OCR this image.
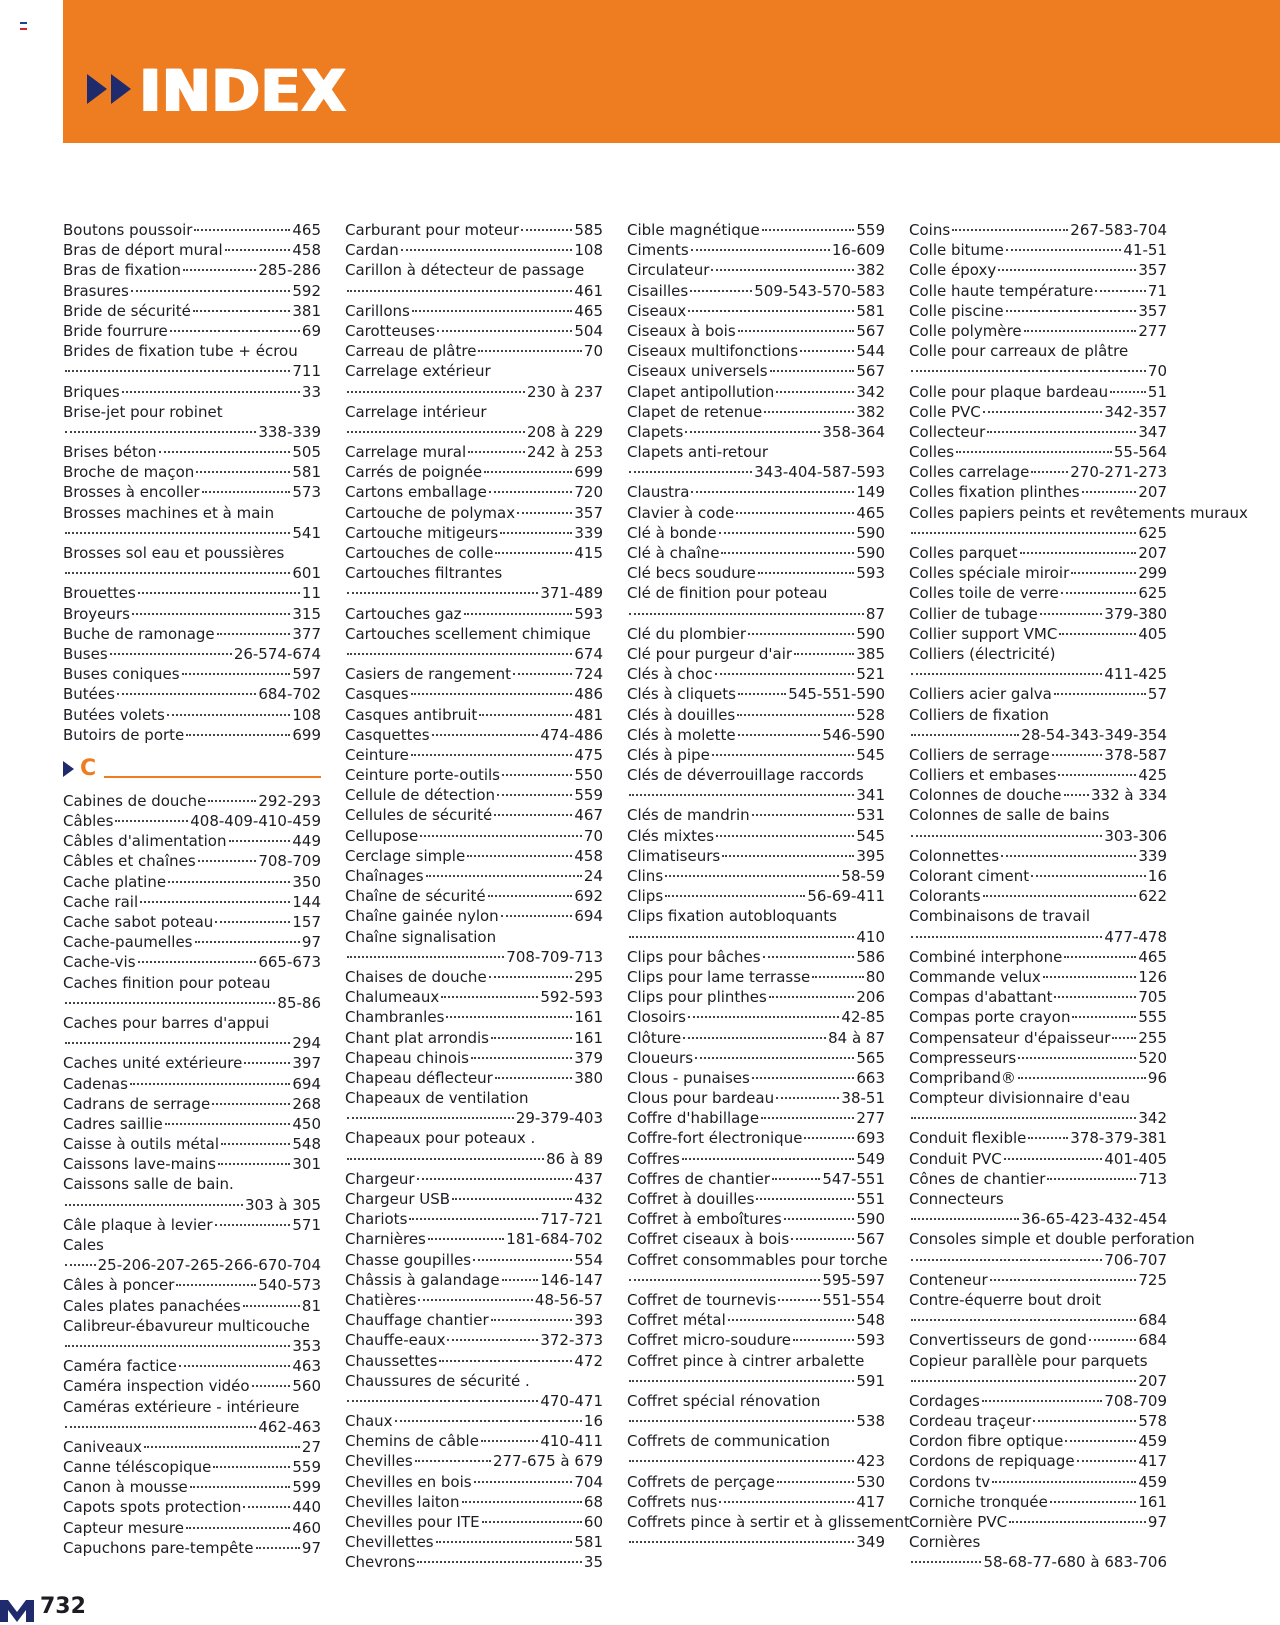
INDEX
Boutons poussoir	465
Bras de déport mural	458
Bras de fixation	285-286
Brasures	592
Bride de sécurité	381
Bride fourrure	69
Brides de fixation tube + écrou
711
Briques	33
Brise-jet pour robinet
338-339
Brises béton	505
Broche de maçon	581
Brosses à encoller	573
Brosses machines et à main
541
Brosses sol eau et poussières
601
Brouettes	11
Broyeurs	315
Buche de ramonage	377
Buses	26-574-674
Buses coniques	597
Butées	684-702
Butées volets	108
Butoirs de porte	699
C
Cabines de douche	292-293
Câbles	408-409-410-459
Câbles d'alimentation	449
Câbles et chaînes	708-709
Cache platine	350
Cache rail	144
Cache sabot poteau	157
Cache-paumelles	97
Cache-vis	665-673
Caches finition pour poteau
85-86
Caches pour barres d'appui
294
Caches unité extérieure	397
Cadenas	694
Cadrans de serrage	268
Cadres saillie	450
Caisse à outils métal	548
Caissons lave-mains	301
Caissons salle de bain.
303 à 305
Câle plaque à levier	571
Cales
25-206-207-265-266-670-704
Câles à poncer	540-573
Cales plates panachées	81
Calibreur-ébavureur multicouche
353
Caméra factice	463
Caméra inspection vidéo	560
Caméras extérieure - intérieure
462-463
Caniveaux	27
Canne téléscopique	559
Canon à mousse	599
Capots spots protection	440
Capteur mesure	460
Capuchons pare-tempête	97
Carburant pour moteur	585
Cardan	108
Carillon à détecteur de passage
461
Carillons	465
Carotteuses	504
Carreau de plâtre	70
Carrelage extérieur
230 à 237
Carrelage intérieur
208 à 229
Carrelage mural	242 à 253
Carrés de poignée	699
Cartons emballage	720
Cartouche de polymax	357
Cartouche mitigeurs	339
Cartouches de colle	415
Cartouches filtrantes
371-489
Cartouches gaz	593
Cartouches scellement chimique
674
Casiers de rangement	724
Casques	486
Casques antibruit	481
Casquettes	474-486
Ceinture	475
Ceinture porte-outils	550
Cellule de détection	559
Cellules de sécurité	467
Cellupose	70
Cerclage simple	458
Chaînages	24
Chaîne de sécurité	692
Chaîne gainée nylon	694
Chaîne signalisation
708-709-713
Chaises de douche	295
Chalumeaux	592-593
Chambranles	161
Chant plat arrondis	161
Chapeau chinois	379
Chapeau déflecteur	380
Chapeaux de ventilation
29-379-403
Chapeaux pour poteaux .
86 à 89
Chargeur	437
Chargeur USB	432
Chariots	717-721
Charnières	181-684-702
Chasse goupilles	554
Châssis à galandage	146-147
Chatières	48-56-57
Chauffage chantier	393
Chauffe-eaux	372-373
Chaussettes	472
Chaussures de sécurité .
470-471
Chaux	16
Chemins de câble	410-411
Chevilles	277-675 à 679
Chevilles en bois	704
Chevilles laiton	68
Chevilles pour ITE	60
Chevillettes	581
Chevrons	35
Cible magnétique	559
Ciments	16-609
Circulateur	382
Cisailles	509-543-570-583
Ciseaux	581
Ciseaux à bois	567
Ciseaux multifonctions	544
Ciseaux universels	567
Clapet antipollution	342
Clapet de retenue	382
Clapets	358-364
Clapets anti-retour
343-404-587-593
Claustra	149
Clavier à code	465
Clé à bonde	590
Clé à chaîne	590
Clé becs soudure	593
Clé de finition pour poteau
87
Clé du plombier	590
Clé pour purgeur d'air	385
Clés à choc	521
Clés à cliquets	545-551-590
Clés à douilles	528
Clés à molette	546-590
Clés à pipe	545
Clés de déverrouillage raccords
341
Clés de mandrin	531
Clés mixtes	545
Climatiseurs	395
Clins	58-59
Clips	56-69-411
Clips fixation autobloquants
410
Clips pour bâches	586
Clips pour lame terrasse	80
Clips pour plinthes	206
Closoirs	42-85
Clôture	84 à 87
Cloueurs	565
Clous - punaises	663
Clous pour bardeau	38-51
Coffre d'habillage	277
Coffre-fort électronique	693
Coffres	549
Coffres de chantier	547-551
Coffret à douilles	551
Coffret à emboîtures	590
Coffret ciseaux à bois	567
Coffret consommables pour torche
595-597
Coffret de tournevis	551-554
Coffret métal	548
Coffret micro-soudure	593
Coffret pince à cintrer arbalette
591
Coffret spécial rénovation
538
Coffrets de communication
423
Coffrets de perçage	530
Coffrets nus	417
Coffrets pince à sertir et à glissement
349
Coins	267-583-704
Colle bitume	41-51
Colle époxy	357
Colle haute température	71
Colle piscine	357
Colle polymère	277
Colle pour carreaux de plâtre
70
Colle pour plaque bardeau	51
Colle PVC	342-357
Collecteur	347
Colles	55-564
Colles carrelage	270-271-273
Colles fixation plinthes	207
Colles papiers peints et revêtements muraux
625
Colles parquet	207
Colles spéciale miroir	299
Colles toile de verre	625
Collier de tubage	379-380
Collier support VMC	405
Colliers (électricité)
411-425
Colliers acier galva	57
Colliers de fixation
28-54-343-349-354
Colliers de serrage	378-587
Colliers et embases	425
Colonnes de douche 332 à 334
Colonnes de salle de bains
303-306
Colonnettes	339
Colorant ciment	16
Colorants	622
Combinaisons de travail
477-478
Combiné interphone	465
Commande velux	126
Compas d'abattant	705
Compas porte crayon	555
Compensateur d'épaisseur 255
Compresseurs	520
Compriband®	96
Compteur divisionnaire d'eau
342
Conduit flexible	378-379-381
Conduit PVC	401-405
Cônes de chantier	713
Connecteurs
36-65-423-432-454
Consoles simple et double perforation
706-707
Conteneur	725
Contre-équerre bout droit
684
Convertisseurs de gond	684
Copieur parallèle pour parquets
207
Cordages	708-709
Cordeau traçeur	578
Cordon fibre optique	459
Cordons de repiquage	417
Cordons tv	459
Corniche tronquée	161
Cornière PVC	97
Cornières
58-68-77-680 à 683-706
732
